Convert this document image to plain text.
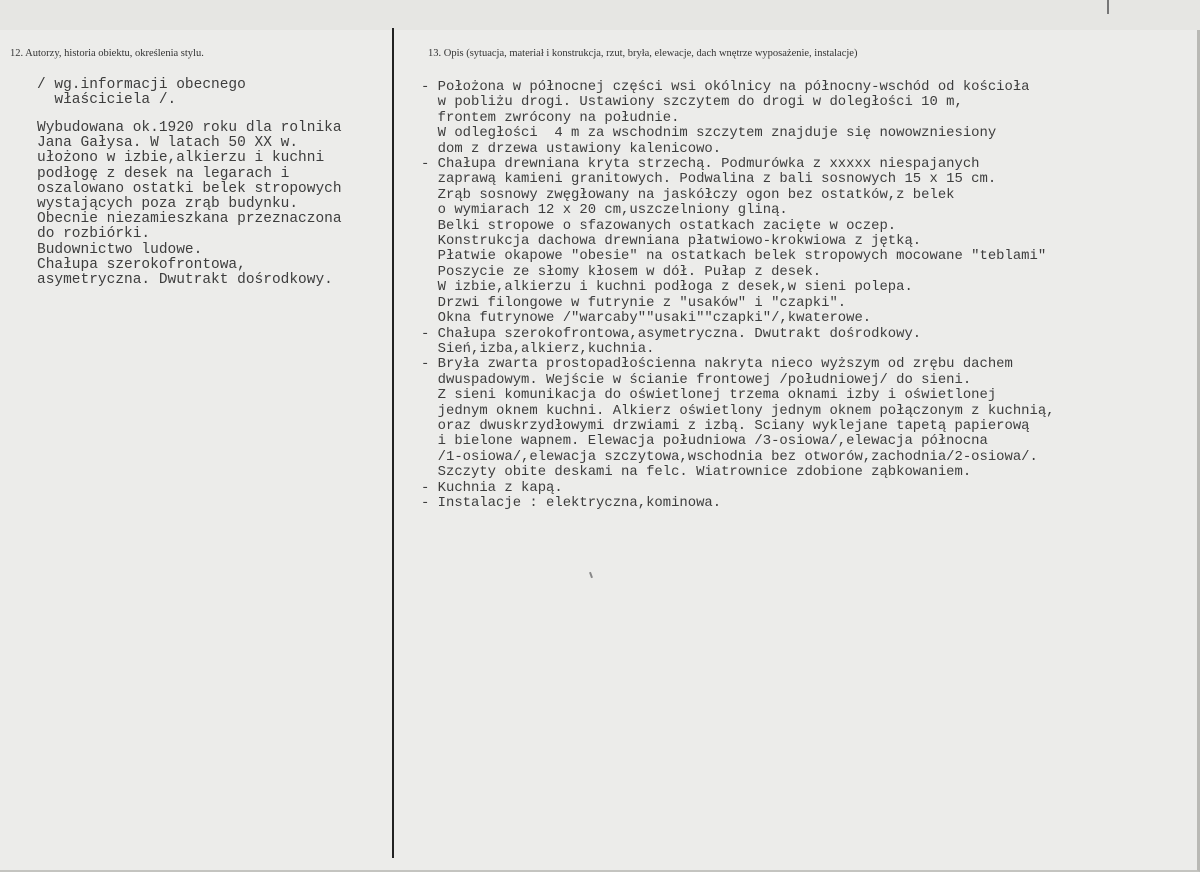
12. Autorzy, historia obiektu, określenia stylu.	13. Opis (sytuacja, materiał i konstrukcja, rzut, bryła, elewacje, dach wnętrze wyposażenie, instalacje)
/ wg.informacji obecnego
właściciela /.
Wybudowana ok.1920 roku dla rolnika
Jana Gałysa. W latach 50 XX w.
ułożono w izbie,alkierzu i kuchni
podłogę z desek na legarach i
oszalowano ostatki belek stropowych
wystających poza zrąb budynku.
Obecnie niezamieszkana przeznaczona
do rozbiórki.
Budownictwo ludowe.
Chałupa szerokofrontowa,
asymetryczna. Dwutrakt dośrodkowy.
- Położona w północnej części wsi okólnicy na północny-wschód od kościoła
w pobliżu drogi. Ustawiony szczytem do drogi w doległości 10 m,
frontem zwrócony na południe.
W odległości  4 m za wschodnim szczytem znajduje się nowowzniesiony
dom z drzewa ustawiony kalenicowo.
- Chałupa drewniana kryta strzechą. Podmurówka z xxxxx niespajanych
zaprawą kamieni granitowych. Podwalina z bali sosnowych 15 x 15 cm.
Zrąb sosnowy zwęgłowany na jaskółczy ogon bez ostatków,z belek
o wymiarach 12 x 20 cm,uszczelniony gliną.
Belki stropowe o sfazowanych ostatkach zacięte w oczep.
Konstrukcja dachowa drewniana płatwiowo-krokwiowa z jętką.
Płatwie okapowe "obesie" na ostatkach belek stropowych mocowane "teblami"
Poszycie ze słomy kłosem w dół. Pułap z desek.
W izbie,alkierzu i kuchni podłoga z desek,w sieni polepa.
Drzwi filongowe w futrynie z "usaków" i "czapki".
Okna futrynowe /"warcaby""usaki""czapki"/,kwaterowe.
- Chałupa szerokofrontowa,asymetryczna. Dwutrakt dośrodkowy.
Sień,izba,alkierz,kuchnia.
- Bryła zwarta prostopadłościenna nakryta nieco wyższym od zrębu dachem
dwuspadowym. Wejście w ścianie frontowej /południowej/ do sieni.
Z sieni komunikacja do oświetlonej trzema oknami izby i oświetlonej
jednym oknem kuchni. Alkierz oświetlony jednym oknem połączonym z kuchnią,
oraz dwuskrzydłowymi drzwiami z izbą. Sciany wyklejane tapetą papierową
i bielone wapnem. Elewacja południowa /3-osiowa/,elewacja północna
/1-osiowa/,elewacja szczytowa,wschodnia bez otworów,zachodnia/2-osiowa/.
Szczyty obite deskami na felc. Wiatrownice zdobione ząbkowaniem.
- Kuchnia z kapą.
- Instalacje : elektryczna,kominowa.
